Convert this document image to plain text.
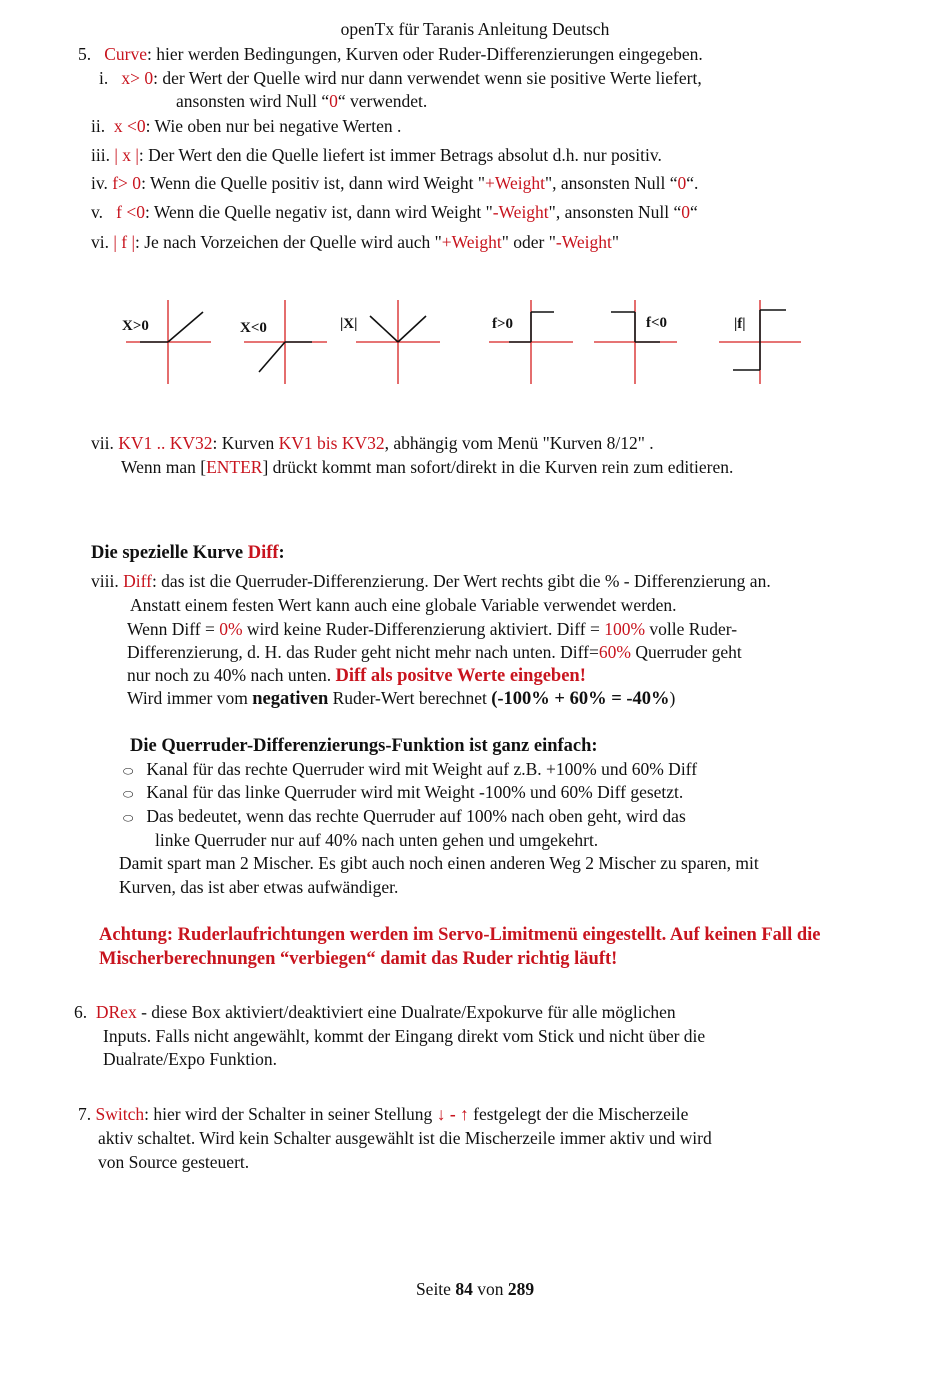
openTx für Taranis Anleitung Deutsch
5. Curve: hier werden Bedingungen, Kurven oder Ruder-Differenzierungen eingegeben.
i. x> 0: der Wert der Quelle wird nur dann verwendet wenn sie positive Werte liefert,
ansonsten wird Null “0“ verwendet.
ii. x <0: Wie oben nur bei negative Werten .
iii. | x |: Der Wert den die Quelle liefert ist immer Betrags absolut d.h. nur positiv.
iv. f> 0: Wenn die Quelle positiv ist, dann wird Weight "+Weight", ansonsten Null “0“.
v. f <0: Wenn die Quelle negativ ist, dann wird Weight "-Weight", ansonsten Null “0“
vi. | f |: Je nach Vorzeichen der Quelle wird auch "+Weight" oder "-Weight"
X>0	X<0	|X|	f>0	f<0	|f|
vii. KV1 .. KV32: Kurven KV1 bis KV32, abhängig vom Menü "Kurven 8/12" .
Wenn man [ENTER] drückt kommt man sofort/direkt in die Kurven rein zum editieren.
Die spezielle Kurve Diff:
viii. Diff: das ist die Querruder-Differenzierung. Der Wert rechts gibt die % - Differenzierung an.
Anstatt einem festen Wert kann auch eine globale Variable verwendet werden.
Wenn Diff = 0% wird keine Ruder-Differenzierung aktiviert. Diff = 100% volle Ruder-
Differenzierung, d. H. das Ruder geht nicht mehr nach unten. Diff=60% Querruder geht
nur noch zu 40% nach unten. Diff als positve Werte eingeben!
Wird immer vom negativen Ruder-Wert berechnet (-100% + 60% = -40%)
Die Querruder-Differenzierungs-Funktion ist ganz einfach:
⬭ Kanal für das rechte Querruder wird mit Weight auf z.B. +100% und 60% Diff
⬭ Kanal für das linke Querruder wird mit Weight -100% und 60% Diff gesetzt.
⬭ Das bedeutet, wenn das rechte Querruder auf 100% nach oben geht, wird das
linke Querruder nur auf 40% nach unten gehen und umgekehrt.
Damit spart man 2 Mischer. Es gibt auch noch einen anderen Weg 2 Mischer zu sparen, mit
Kurven, das ist aber etwas aufwändiger.
Achtung: Ruderlaufrichtungen werden im Servo-Limitmenü eingestellt. Auf keinen Fall die
Mischerberechnungen “verbiegen“ damit das Ruder richtig läuft!
6. DRex - diese Box aktiviert/deaktiviert eine Dualrate/Expokurve für alle möglichen
Inputs. Falls nicht angewählt, kommt der Eingang direkt vom Stick und nicht über die
Dualrate/Expo Funktion.
7. Switch: hier wird der Schalter in seiner Stellung ↓ - ↑ festgelegt der die Mischerzeile
aktiv schaltet. Wird kein Schalter ausgewählt ist die Mischerzeile immer aktiv und wird
von Source gesteuert.
Seite 84 von 289
